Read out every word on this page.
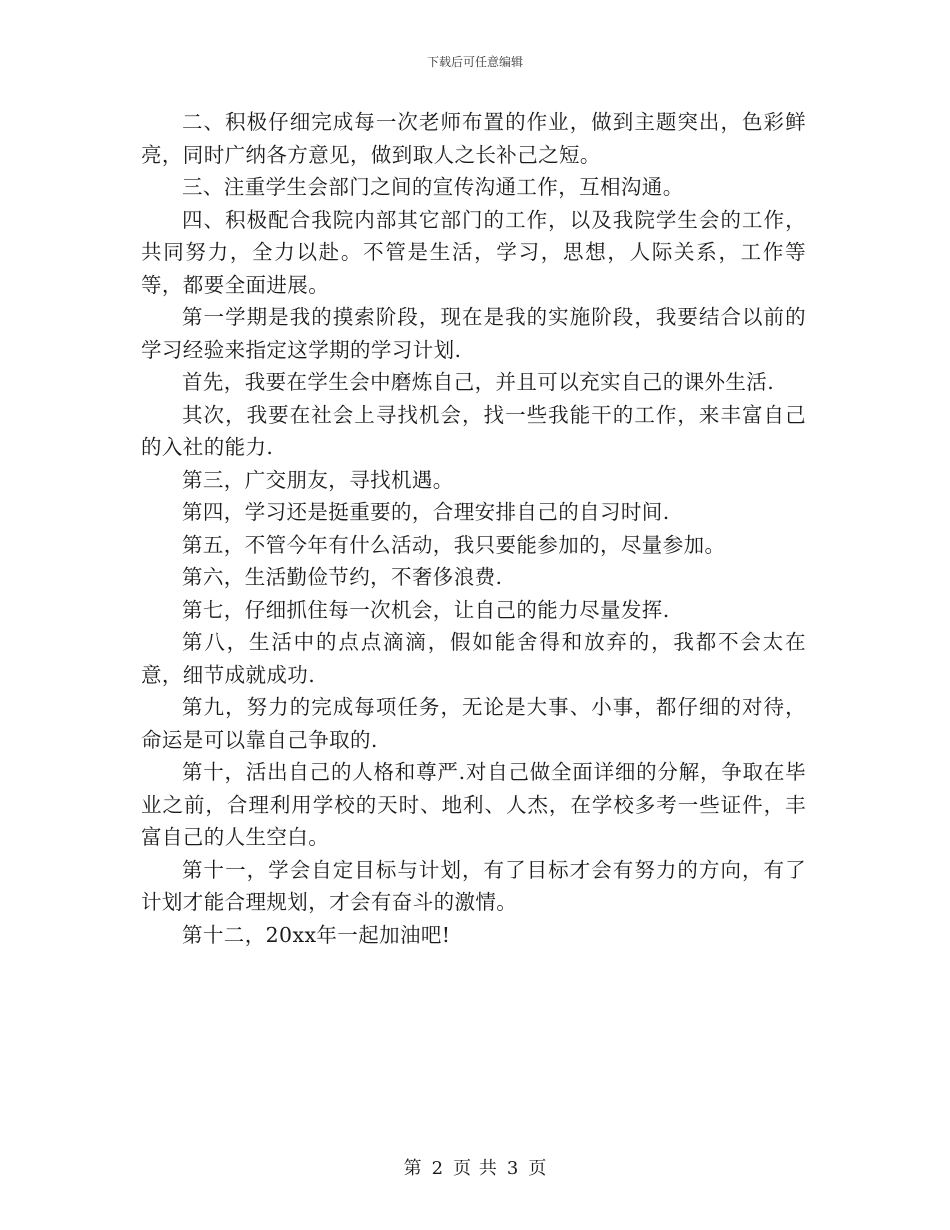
下载后可任意编辑

二、积极仔细完成每一次老师布置的作业，做到主题突出，色彩鲜亮，同时广纳各方意见，做到取人之长补己之短。

三、注重学生会部门之间的宣传沟通工作，互相沟通。

四、积极配合我院内部其它部门的工作，以及我院学生会的工作，共同努力，全力以赴。不管是生活，学习，思想，人际关系，工作等等，都要全面进展。

第一学期是我的摸索阶段，现在是我的实施阶段，我要结合以前的学习经验来指定这学期的学习计划.

首先，我要在学生会中磨炼自己，并且可以充实自己的课外生活.

其次，我要在社会上寻找机会，找一些我能干的工作，来丰富自己的入社的能力.

第三，广交朋友，寻找机遇。

第四，学习还是挺重要的，合理安排自己的自习时间.

第五，不管今年有什么活动，我只要能参加的，尽量参加。

第六，生活勤俭节约，不奢侈浪费.

第七，仔细抓住每一次机会，让自己的能力尽量发挥.

第八，生活中的点点滴滴，假如能舍得和放弃的，我都不会太在意，细节成就成功.

第九，努力的完成每项任务，无论是大事、小事，都仔细的对待，命运是可以靠自己争取的.

第十，活出自己的人格和尊严.对自己做全面详细的分解，争取在毕业之前，合理利用学校的天时、地利、人杰，在学校多考一些证件，丰富自己的人生空白。

第十一，学会自定目标与计划，有了目标才会有努力的方向，有了计划才能合理规划，才会有奋斗的激情。

第十二，20xx年一起加油吧!

第 2 页 共 3 页
